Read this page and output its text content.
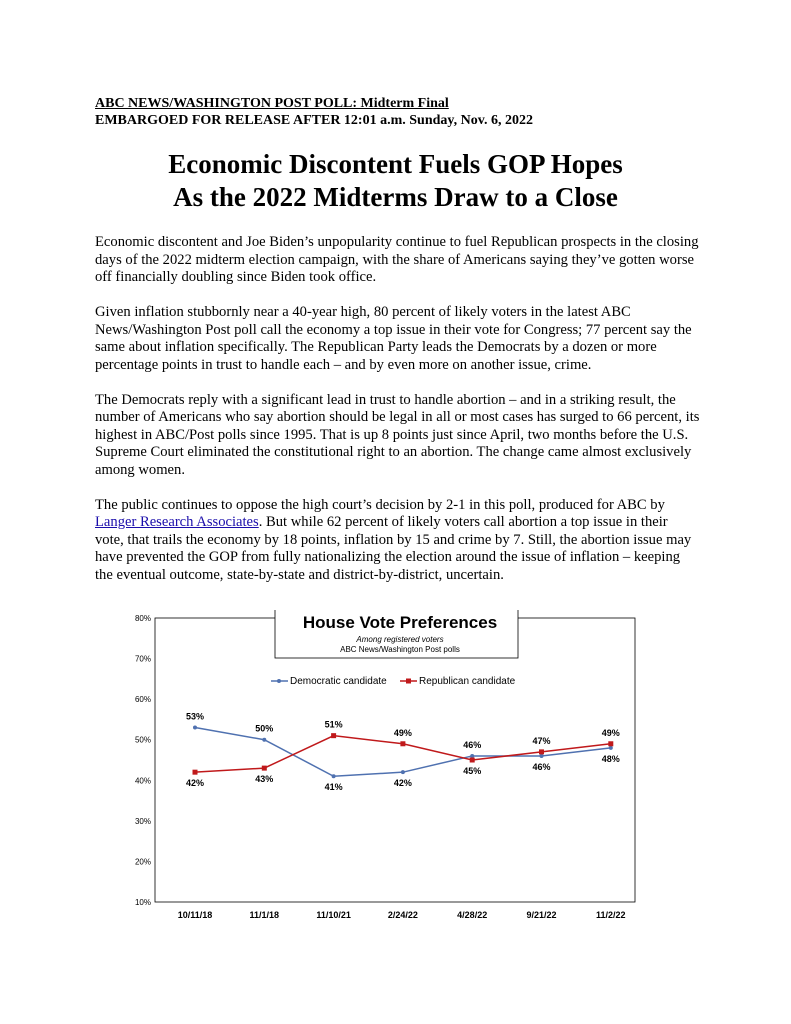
ABC NEWS/WASHINGTON POST POLL: Midterm Final
EMBARGOED FOR RELEASE AFTER 12:01 a.m. Sunday, Nov. 6, 2022
Economic Discontent Fuels GOP Hopes
As the 2022 Midterms Draw to a Close

Economic discontent and Joe Biden’s unpopularity continue to fuel Republican prospects in the closing days of the 2022 midterm election campaign, with the share of Americans saying they’ve gotten worse off financially doubling since Biden took office.

Given inflation stubbornly near a 40-year high, 80 percent of likely voters in the latest ABC News/Washington Post poll call the economy a top issue in their vote for Congress; 77 percent say the same about inflation specifically. The Republican Party leads the Democrats by a dozen or more percentage points in trust to handle each – and by even more on another issue, crime.

The Democrats reply with a significant lead in trust to handle abortion – and in a striking result, the number of Americans who say abortion should be legal in all or most cases has surged to 66 percent, its highest in ABC/Post polls since 1995. That is up 8 points just since April, two months before the U.S. Supreme Court eliminated the constitutional right to an abortion. The change came almost exclusively among women.

The public continues to oppose the high court’s decision by 2-1 in this poll, produced for ABC by Langer Research Associates. But while 62 percent of likely voters call abortion a top issue in their vote, that trails the economy by 18 points, inflation by 15 and crime by 7. Still, the abortion issue may have prevented the GOP from fully nationalizing the election around the issue of inflation – keeping the eventual outcome, state-by-state and district-by-district, uncertain.

10%
20%
30%
40%
50%
60%
70%
80%
10/11/18	11/1/18	11/10/21	2/24/22	4/28/22	9/21/22	11/2/22
House Vote Preferences
Among registered voters
ABC News/Washington Post polls
Democratic candidate	Republican candidate
53%
50%
41%	42%
46%
46%
48%
42%	43%
51%
49%
45%
47%
49%
